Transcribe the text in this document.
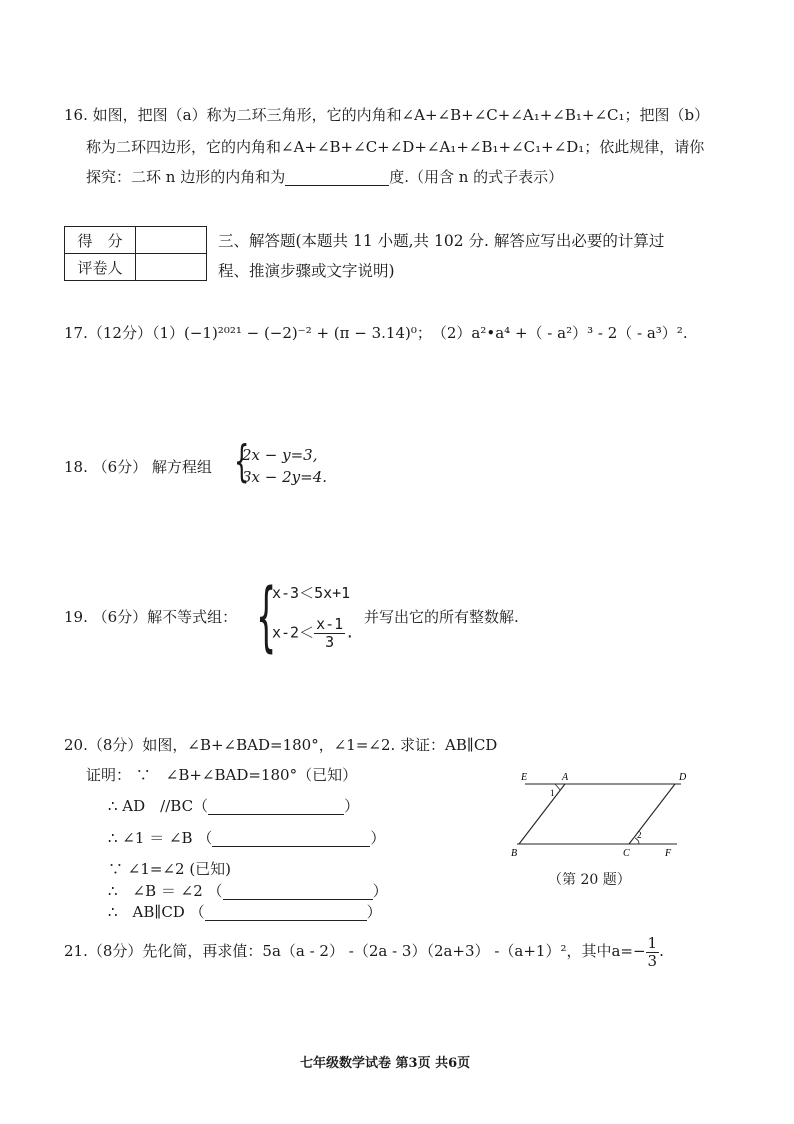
16. 如图，把图（a）称为二环三角形，它的内角和∠A+∠B+∠C+∠A₁+∠B₁+∠C₁；把图（b）
称为二环四边形，它的内角和∠A+∠B+∠C+∠D+∠A₁+∠B₁+∠C₁+∠D₁；依此规律，请你
探究：二环 n 边形的内角和为	度.（用含 n 的式子表示）
得　分	
评卷人	
三、解答题(本题共 11 小题,共 102 分. 解答应写出必要的计算过
程、推演步骤或文字说明)
17.（12分）（1）(−1)²⁰²¹ − (−2)⁻² + (π − 3.14)⁰；　（2）a²•a⁴ +（ - a²）³ - 2（ - a³）².
18. （6分） 解方程组 {
2x − y=3,
3x − 2y=4.
19. （6分）解不等式组： {
x-3＜5x+1
$x-2< \frac{x-1}{3}$ .
并写出它的所有整数解.
20.（8分）如图，∠B+∠BAD=180°，∠1=∠2. 求证：AB∥CD
证明： ∵　∠B+∠BAD=180°（已知）
∴ AD　//BC（	）
∴ ∠1 ＝ ∠B （	）
∵ ∠1=∠2 (已知)
∴　∠B ＝ ∠2 （	）
∴　AB∥CD （	）
E	A	D
B	C	F
1
2
（第 20 题）
21.（8分）先化简，再求值：5a（a - 2） -（2a - 3）（2a+3） -（a+1）²，其中$a=- \frac{1}{3}$ .
七年级数学试卷 第3页 共6页
